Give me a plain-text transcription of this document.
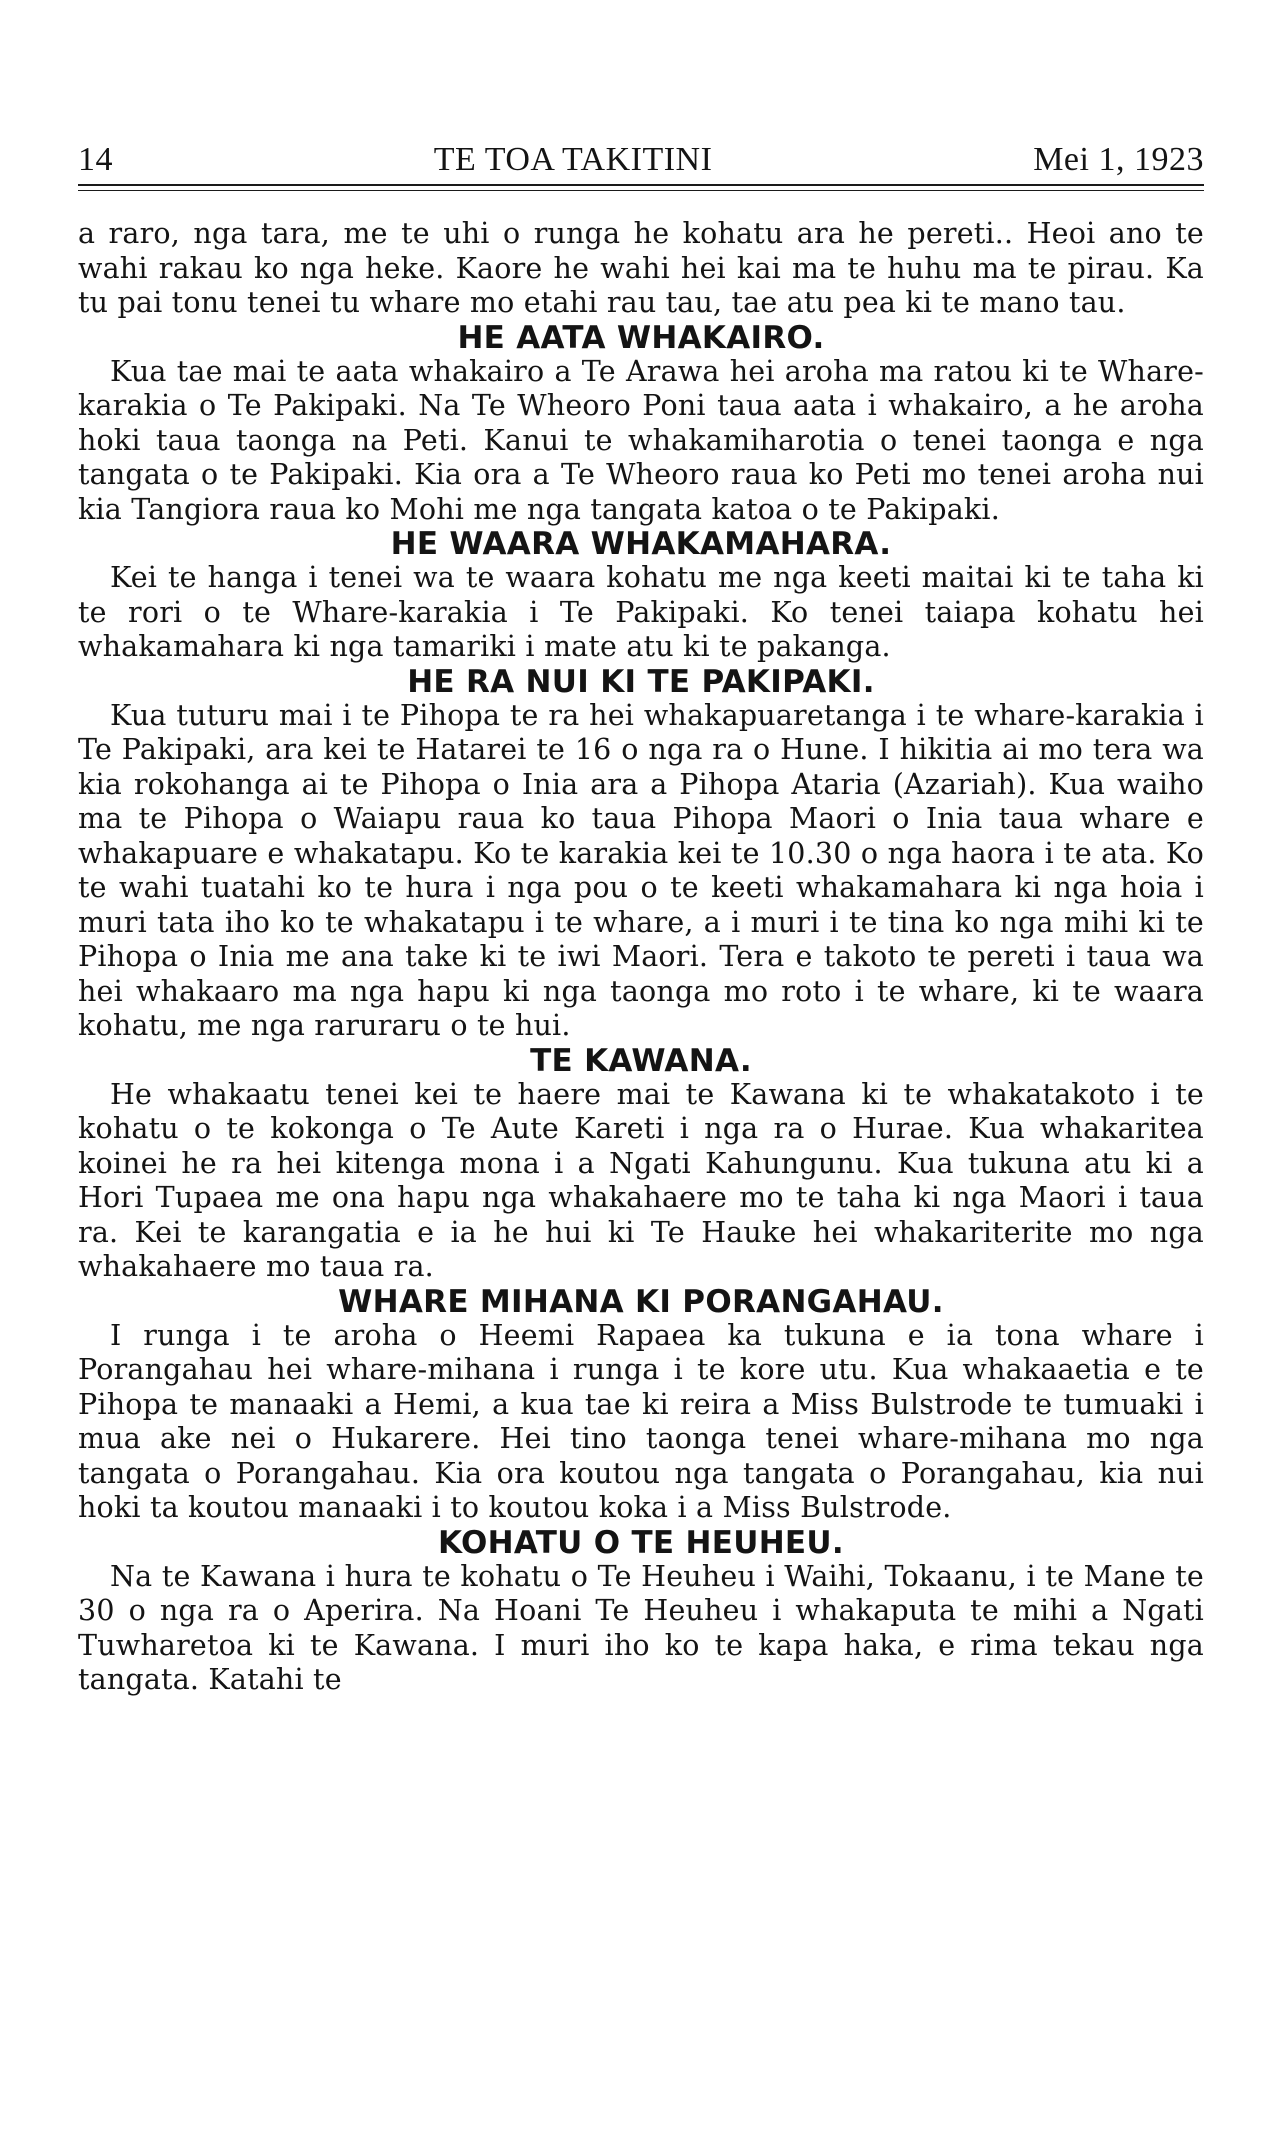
14	TE TOA TAKITINI	Mei 1, 1923

a raro, nga tara, me te uhi o runga he kohatu ara he pereti.. Heoi ano te wahi rakau ko nga heke. Kaore he wahi hei kai ma te huhu ma te pirau. Ka tu pai tonu tenei tu whare mo etahi rau tau, tae atu pea ki te mano tau.

HE AATA WHAKAIRO.

Kua tae mai te aata whakairo a Te Arawa hei aroha ma ratou ki te Whare-karakia o Te Pakipaki. Na Te Wheoro Poni taua aata i whakairo, a he aroha hoki taua taonga na Peti. Kanui te whakamiharotia o tenei taonga e nga tangata o te Pakipaki. Kia ora a Te Wheoro raua ko Peti mo tenei aroha nui kia Tangiora raua ko Mohi me nga tangata katoa o te Pakipaki.

HE WAARA WHAKAMAHARA.

Kei te hanga i tenei wa te waara kohatu me nga keeti maitai ki te taha ki te rori o te Whare-karakia i Te Pakipaki. Ko tenei taiapa kohatu hei whakamahara ki nga tamariki i mate atu ki te pakanga.

HE RA NUI KI TE PAKIPAKI.

Kua tuturu mai i te Pihopa te ra hei whakapuaretanga i te whare-karakia i Te Pakipaki, ara kei te Hatarei te 16 o nga ra o Hune. I hikitia ai mo tera wa kia rokohanga ai te Pihopa o Inia ara a Pihopa Ataria (Azariah). Kua waiho ma te Pihopa o Waiapu raua ko taua Pihopa Maori o Inia taua whare e whakapuare e whakatapu. Ko te karakia kei te 10.30 o nga haora i te ata. Ko te wahi tuatahi ko te hura i nga pou o te keeti whakamahara ki nga hoia i muri tata iho ko te whakatapu i te whare, a i muri i te tina ko nga mihi ki te Pihopa o Inia me ana take ki te iwi Maori. Tera e takoto te pereti i taua wa hei whakaaro ma nga hapu ki nga taonga mo roto i te whare, ki te waara kohatu, me nga raruraru o te hui.

TE KAWANA.

He whakaatu tenei kei te haere mai te Kawana ki te whakatakoto i te kohatu o te kokonga o Te Aute Kareti i nga ra o Hurae. Kua whakaritea koinei he ra hei kitenga mona i a Ngati Kahungunu. Kua tukuna atu ki a Hori Tupaea me ona hapu nga whakahaere mo te taha ki nga Maori i taua ra. Kei te karangatia e ia he hui ki Te Hauke hei whakariterite mo nga whakahaere mo taua ra.

WHARE MIHANA KI PORANGAHAU.

I runga i te aroha o Heemi Rapaea ka tukuna e ia tona whare i Porangahau hei whare-mihana i runga i te kore utu. Kua whakaaetia e te Pihopa te manaaki a Hemi, a kua tae ki reira a Miss Bulstrode te tumuaki i mua ake nei o Hukarere. Hei tino taonga tenei whare-mihana mo nga tangata o Porangahau. Kia ora koutou nga tangata o Porangahau, kia nui hoki ta koutou manaaki i to koutou koka i a Miss Bulstrode.

KOHATU O TE HEUHEU.

Na te Kawana i hura te kohatu o Te Heuheu i Waihi, Tokaanu, i te Mane te 30 o nga ra o Aperira. Na Hoani Te Heuheu i whakaputa te mihi a Ngati Tuwharetoa ki te Kawana. I muri iho ko te kapa haka, e rima tekau nga tangata. Katahi te
